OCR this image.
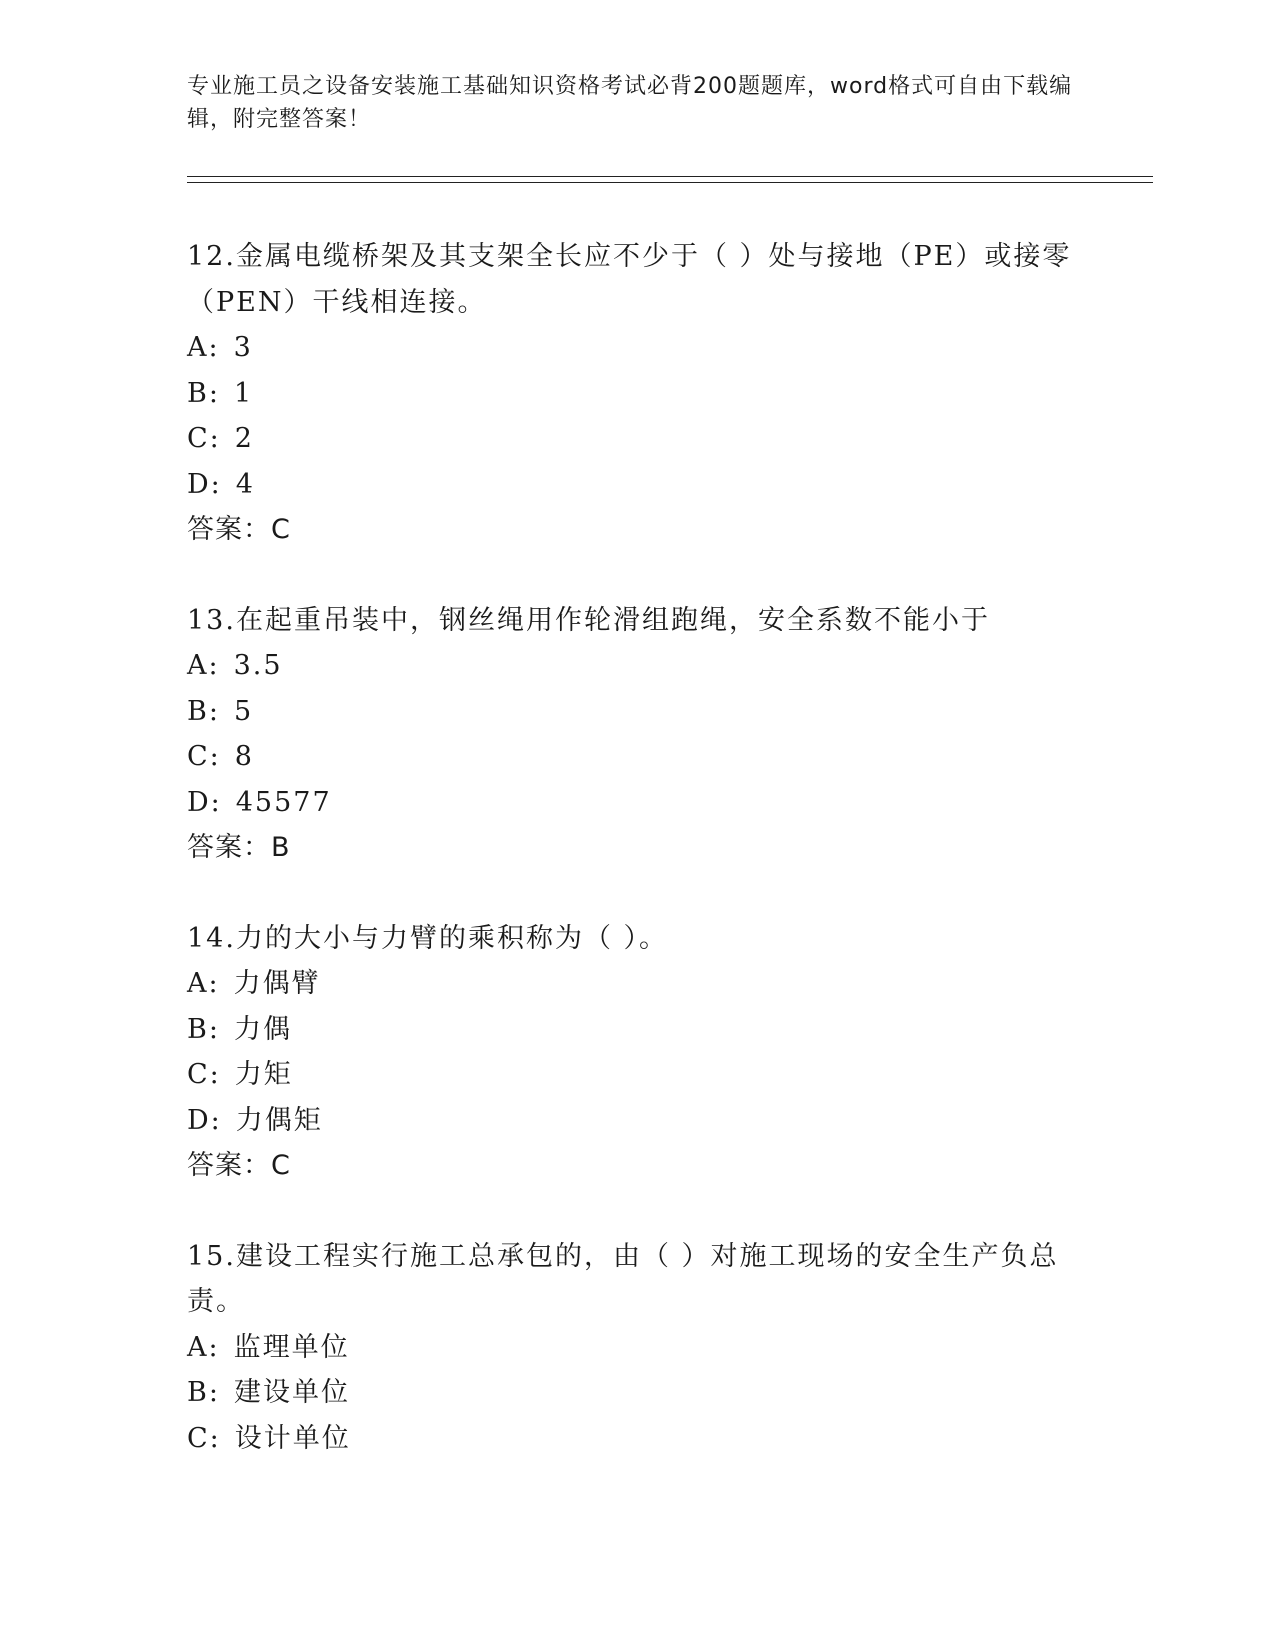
专业施工员之设备安装施工基础知识资格考试必背200题题库，word格式可自由下载编辑，附完整答案！

12.金属电缆桥架及其支架全长应不少于（ ）处与接地（PE）或接零（PEN）干线相连接。

A: 3

B: 1

C: 2

D: 4

答案：C

13.在起重吊装中，钢丝绳用作轮滑组跑绳，安全系数不能小于

A: 3.5

B: 5

C: 8

D: 45577

答案：B

14.力的大小与力臂的乘积称为（ ）。

A: 力偶臂

B: 力偶

C: 力矩

D: 力偶矩

答案：C

15.建设工程实行施工总承包的，由（ ）对施工现场的安全生产负总责。

A: 监理单位

B: 建设单位

C: 设计单位
